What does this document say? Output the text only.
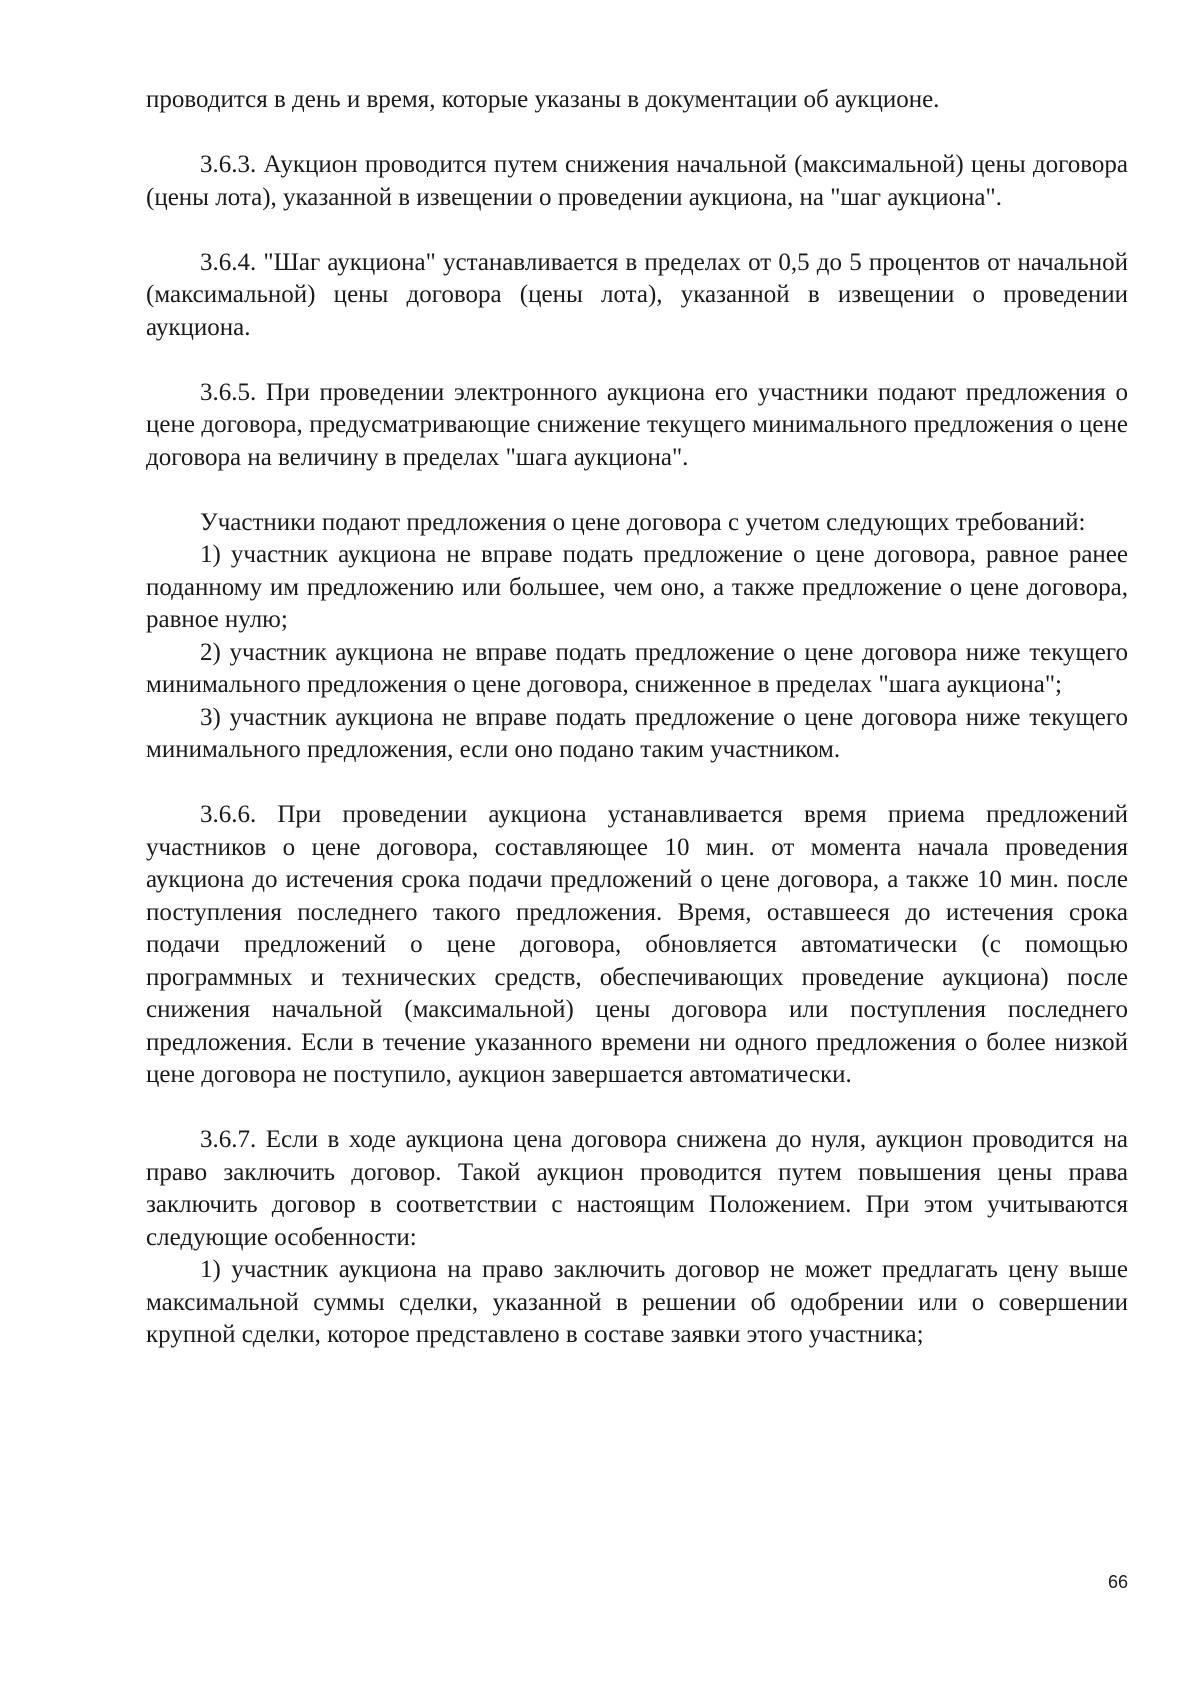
проводится в день и время, которые указаны в документации об аукционе.

3.6.3. Аукцион проводится путем снижения начальной (максимальной) цены договора (цены лота), указанной в извещении о проведении аукциона, на "шаг аукциона".

3.6.4. "Шаг аукциона" устанавливается в пределах от 0,5 до 5 процентов от начальной (максимальной) цены договора (цены лота), указанной в извещении о проведении аукциона.

3.6.5. При проведении электронного аукциона его участники подают предложения о цене договора, предусматривающие снижение текущего минимального предложения о цене договора на величину в пределах "шага аукциона".

Участники подают предложения о цене договора с учетом следующих требований:

1) участник аукциона не вправе подать предложение о цене договора, равное ранее поданному им предложению или большее, чем оно, а также предложение о цене договора, равное нулю;

2) участник аукциона не вправе подать предложение о цене договора ниже текущего минимального предложения о цене договора, сниженное в пределах "шага аукциона";

3) участник аукциона не вправе подать предложение о цене договора ниже текущего минимального предложения, если оно подано таким участником.

3.6.6. При проведении аукциона устанавливается время приема предложений участников о цене договора, составляющее 10 мин. от момента начала проведения аукциона до истечения срока подачи предложений о цене договора, а также 10 мин. после поступления последнего такого предложения. Время, оставшееся до истечения срока подачи предложений о цене договора, обновляется автоматически (с помощью программных и технических средств, обеспечивающих проведение аукциона) после снижения начальной (максимальной) цены договора или поступления последнего предложения. Если в течение указанного времени ни одного предложения о более низкой цене договора не поступило, аукцион завершается автоматически.

3.6.7. Если в ходе аукциона цена договора снижена до нуля, аукцион проводится на право заключить договор. Такой аукцион проводится путем повышения цены права заключить договор в соответствии с настоящим Положением. При этом учитываются следующие особенности:

1) участник аукциона на право заключить договор не может предлагать цену выше максимальной суммы сделки, указанной в решении об одобрении или о совершении крупной сделки, которое представлено в составе заявки этого участника;

66
